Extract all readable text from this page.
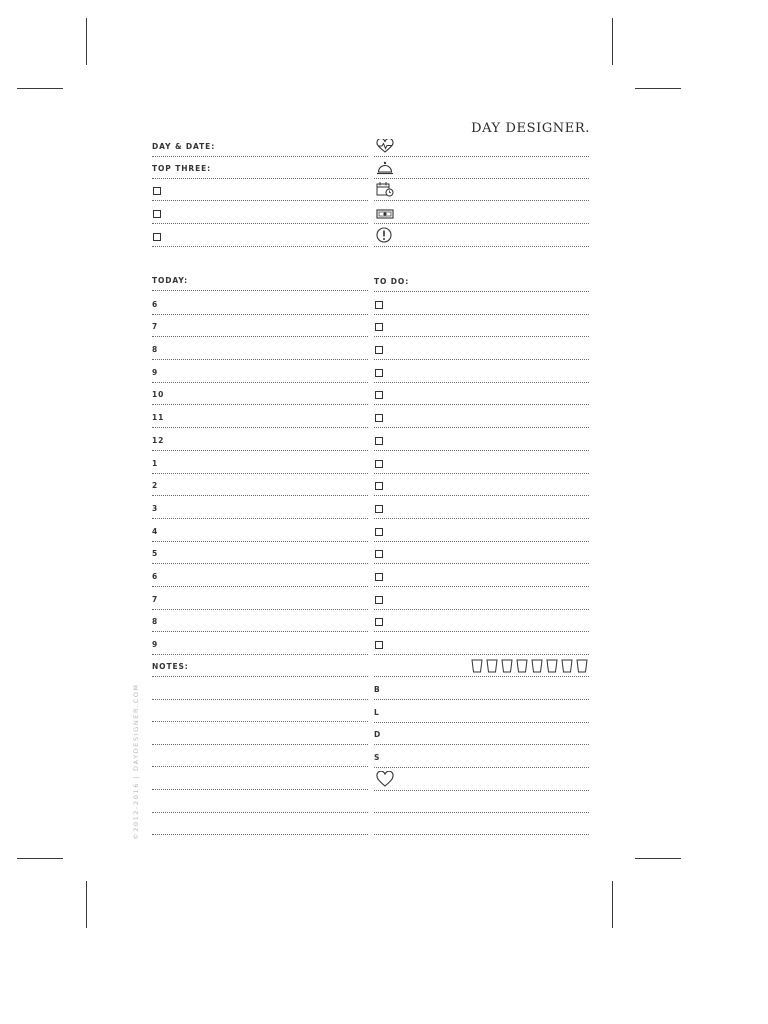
DAY DESIGNER.
©2012-2016 | DAYDESIGNER.COM
DAY & DATE:
TOP THREE:
TODAY:
6
7
8
9
10
11
12
1
2
3
4
5
6
7
8
9
NOTES:
TO DO:
B
L
D
S
